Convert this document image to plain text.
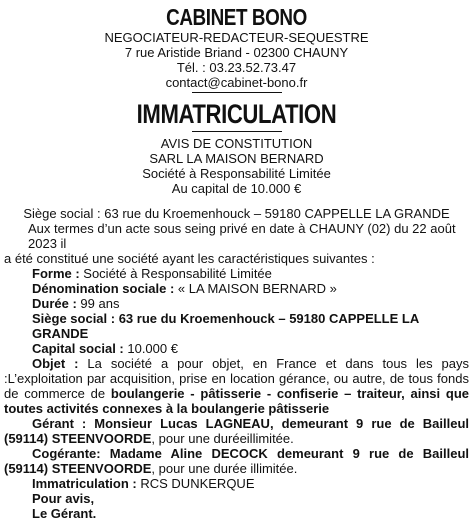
CABINET BONO
NEGOCIATEUR-REDACTEUR-SEQUESTRE
7 rue Aristide Briand - 02300 CHAUNY
Tél. : 03.23.52.73.47
contact@cabinet-bono.fr
IMMATRICULATION
AVIS DE CONSTITUTION
SARL LA MAISON BERNARD
Société à Responsabilité Limitée
Au capital de 10.000 €

Siège social : 63 rue du Kroemenhouck – 59180 CAPPELLE LA GRANDE

Aux termes d’un acte sous seing privé en date à CHAUNY (02) du 22 août 2023 il

a été constitué une société ayant les caractéristiques suivantes :

Forme : Société à Responsabilité Limitée

Dénomination sociale : « LA MAISON BERNARD »

Durée : 99 ans

Siège social : 63 rue du Kroemenhouck – 59180 CAPPELLE LA GRANDE

Capital social : 10.000 €

Objet : La société a pour objet, en France et dans tous les pays :L’exploitation par acquisition, prise en location gérance, ou autre, de tous fonds de commerce de boulangerie - pâtisserie - confiserie – traiteur, ainsi que toutes activités connexes à la boulangerie pâtisserie

Gérant : Monsieur Lucas LAGNEAU, demeurant 9 rue de Bailleul (59114) STEENVOORDE, pour une duréeillimitée.

Cogérante: Madame Aline DECOCK demeurant 9 rue de Bailleul (59114) STEENVOORDE, pour une durée illimitée.

Immatriculation : RCS DUNKERQUE

Pour avis,

Le Gérant.
